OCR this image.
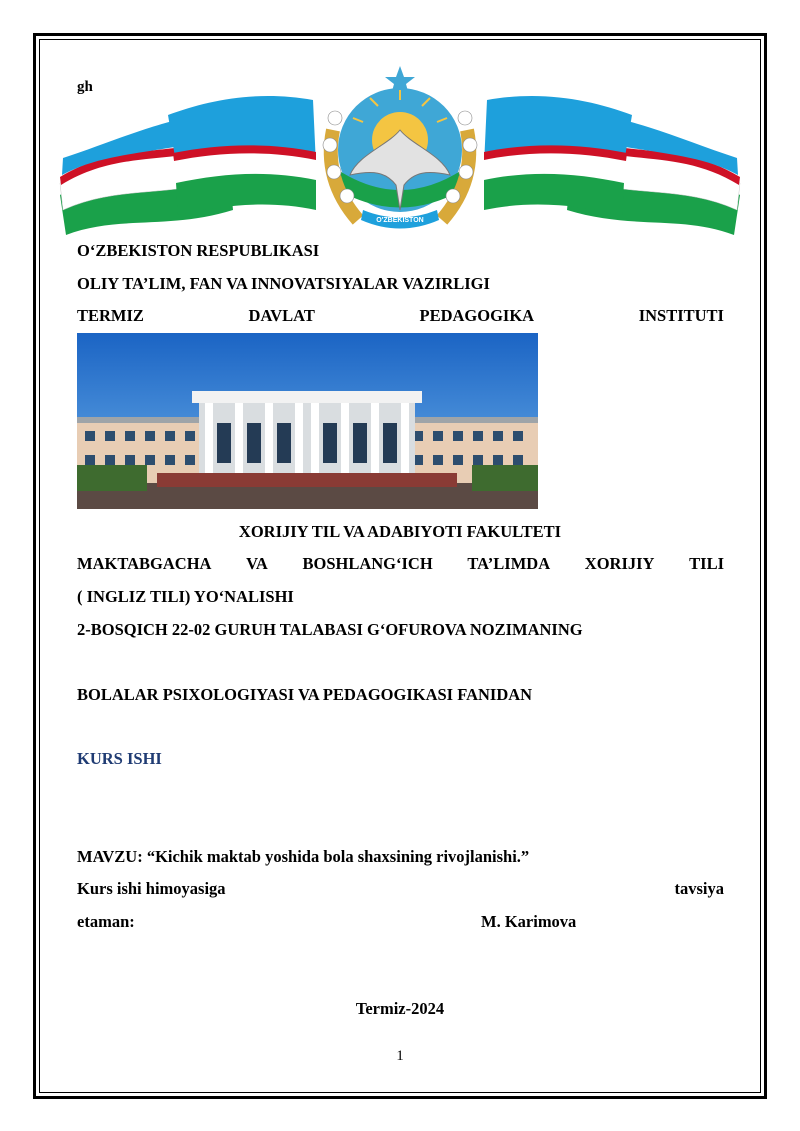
gh
O'ZBEKISTON
O‘ZBEKISTON RESPUBLIKASI
OLIY TA’LIM, FAN VA INNOVATSIYALAR VAZIRLIGI
TERMIZ	DAVLAT	PEDAGOGIKA	INSTITUTI
XORIJIY TIL VA ADABIYOTI FAKULTETI
MAKTABGACHA VA BOSHLANG‘ICH TA’LIMDA XORIJIY TILI
( INGLIZ TILI) YO‘NALISHI
2-BOSQICH 22-02 GURUH TALABASI G‘OFUROVA NOZIMANING
BOLALAR PSIXOLOGIYASI VA PEDAGOGIKASI FANIDAN
KURS ISHI
MAVZU: “Kichik maktab yoshida bola shaxsining rivojlanishi.”
Kurs ishi himoyasiga	tavsiya
etaman:	M. Karimova
Termiz-2024
1
